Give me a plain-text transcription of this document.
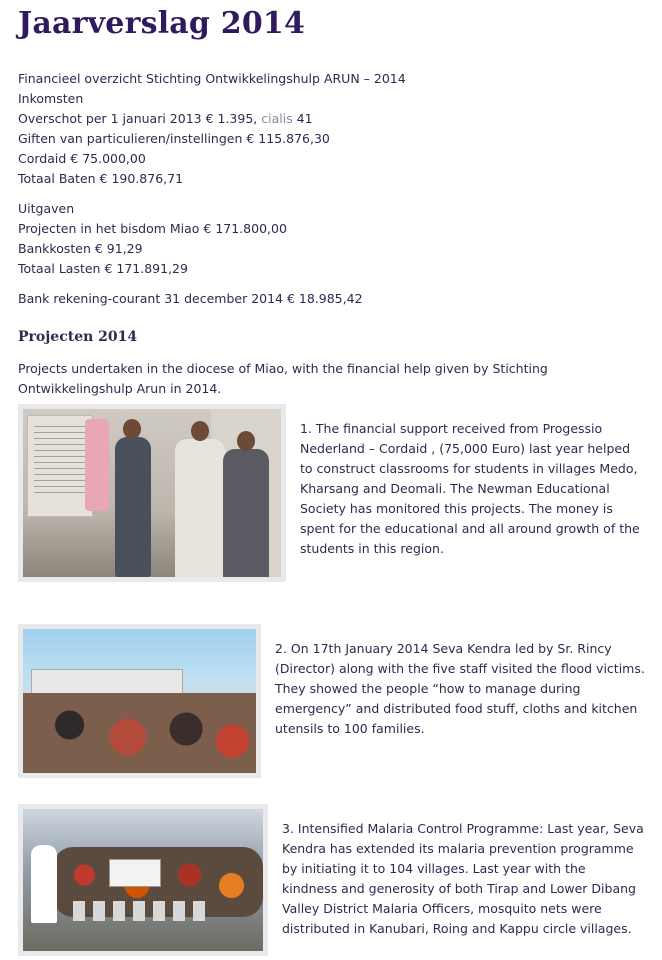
Jaarverslag 2014
Financieel overzicht Stichting Ontwikkelingshulp ARUN – 2014
Inkomsten
Overschot per 1 januari 2013 € 1.395, cialis 41
Giften van particulieren/instellingen € 115.876,30
Cordaid € 75.000,00
Totaal Baten € 190.876,71
Uitgaven
Projecten in het bisdom Miao € 171.800,00
Bankkosten € 91,29
Totaal Lasten € 171.891,29
Bank rekening-courant 31 december 2014 € 18.985,42
Projecten 2014
Projects undertaken in the diocese of Miao, with the financial help given by Stichting Ontwikkelingshulp Arun in 2014.
1. The financial support received from Progessio Nederland – Cordaid , (75,000 Euro) last year helped to construct classrooms for students in villages Medo, Kharsang and Deomali. The Newman Educational Society has monitored this projects. The money is spent for the educational and all around growth of the students in this region.
2. On 17th January 2014 Seva Kendra led by Sr. Rincy (Director) along with the five staff visited the flood victims. They showed the people “how to manage during emergency” and distributed food stuff, cloths and kitchen utensils to 100 families.
3. Intensified Malaria Control Programme: Last year, Seva Kendra has extended its malaria prevention programme by initiating it to 104 villages. Last year with the kindness and generosity of both Tirap and Lower Dibang Valley District Malaria Officers, mosquito nets were distributed in Kanubari, Roing and Kappu circle villages.
